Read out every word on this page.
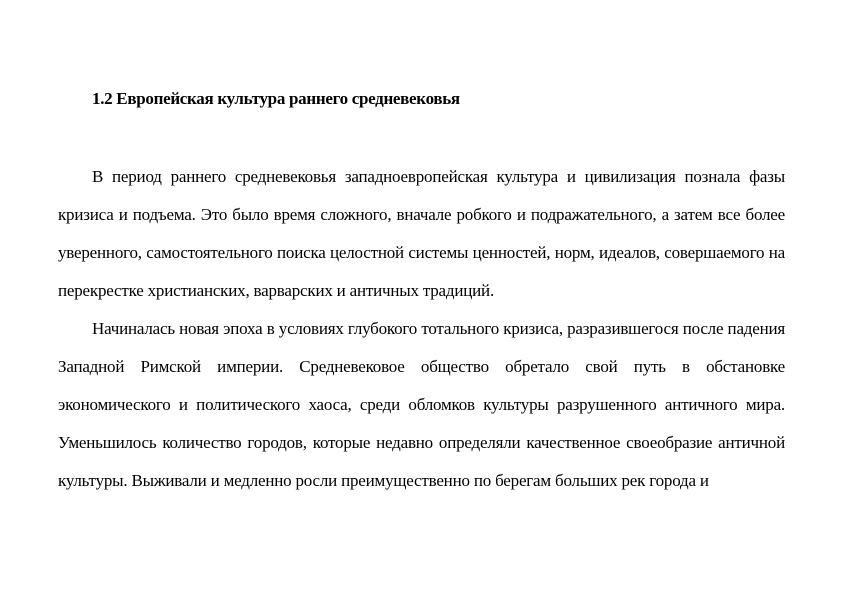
1.2 Европейская культура раннего средневековья

В период раннего средневековья западноевропейская культура и цивилизация познала фазы кризиса и подъема. Это было время сложного, вначале робкого и подражательного, а затем все более уверенного, самостоятельного поиска целостной системы ценностей, норм, идеалов, совершаемого на перекрестке христианских, варварских и античных традиций.

Начиналась новая эпоха в условиях глубокого тотального кризиса, разразившегося после падения Западной Римской империи. Средневековое общество обретало свой путь в обстановке экономического и политического хаоса, среди обломков культуры разрушенного античного мира. Уменьшилось количество городов, которые недавно определяли качественное своеобразие античной культуры. Выживали и медленно росли преимущественно по берегам больших рек города и
